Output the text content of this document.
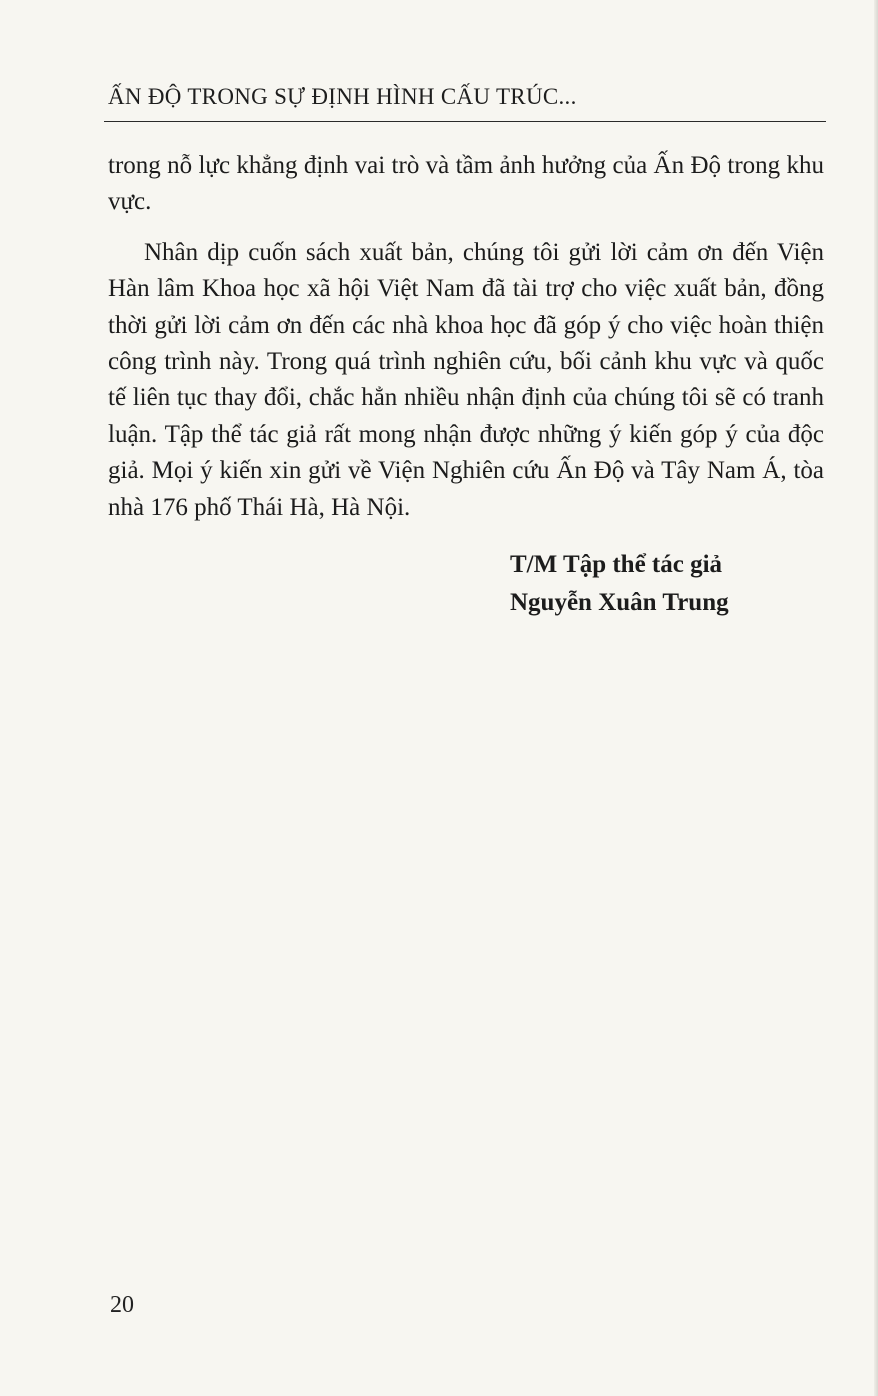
ẤN ĐỘ TRONG SỰ ĐỊNH HÌNH CẤU TRÚC...

trong nỗ lực khẳng định vai trò và tầm ảnh hưởng của Ấn Độ trong khu vực.

Nhân dịp cuốn sách xuất bản, chúng tôi gửi lời cảm ơn đến Viện Hàn lâm Khoa học xã hội Việt Nam đã tài trợ cho việc xuất bản, đồng thời gửi lời cảm ơn đến các nhà khoa học đã góp ý cho việc hoàn thiện công trình này. Trong quá trình nghiên cứu, bối cảnh khu vực và quốc tế liên tục thay đổi, chắc hẳn nhiều nhận định của chúng tôi sẽ có tranh luận. Tập thể tác giả rất mong nhận được những ý kiến góp ý của độc giả. Mọi ý kiến xin gửi về Viện Nghiên cứu Ấn Độ và Tây Nam Á, tòa nhà 176 phố Thái Hà, Hà Nội.

T/M Tập thể tác giả
Nguyễn Xuân Trung
20
